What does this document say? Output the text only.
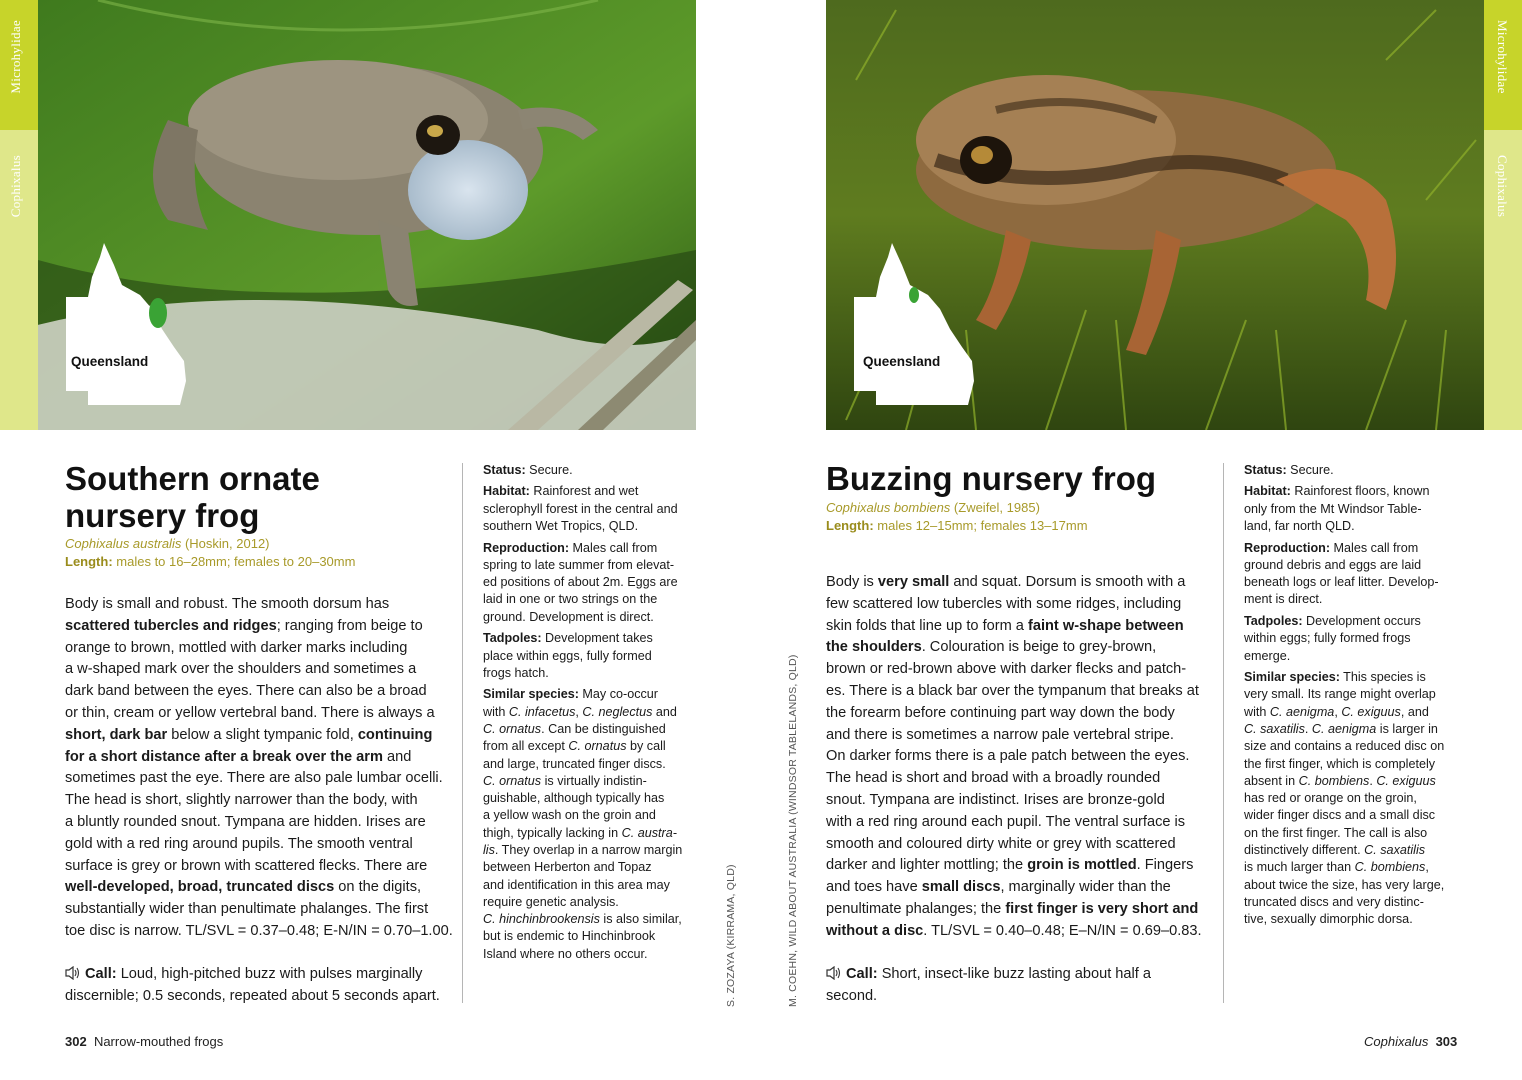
Microhylidae
Cophixalus
Microhylidae
Cophixalus
Queensland	Queensland
Southern ornate
nursery frog
Cophixalus australis (Hoskin, 2012)
Length: males to 16–28mm; females to 20–30mm
Body is small and robust. The smooth dorsum has
scattered tubercles and ridges; ranging from beige to
orange to brown, mottled with darker marks including
a w-shaped mark over the shoulders and sometimes a
dark band between the eyes. There can also be a broad
or thin, cream or yellow vertebral band. There is always a
short, dark bar below a slight tympanic fold, continuing
for a short distance after a break over the arm and
sometimes past the eye. There are also pale lumbar ocelli.
The head is short, slightly narrower than the body, with
a bluntly rounded snout. Tympana are hidden. Irises are
gold with a red ring around pupils. The smooth ventral
surface is grey or brown with scattered flecks. There are
well-developed, broad, truncated discs on the digits,
substantially wider than penultimate phalanges. The first
toe disc is narrow. TL/SVL = 0.37–0.48; E-N/IN = 0.70–1.00.
Call: Loud, high-pitched buzz with pulses marginally
discernible; 0.5 seconds, repeated about 5 seconds apart.

Status: Secure.

Habitat: Rainforest and wet
sclerophyll forest in the central and
southern Wet Tropics, QLD.

Reproduction: Males call from
spring to late summer from elevat-
ed positions of about 2m. Eggs are
laid in one or two strings on the
ground. Development is direct.

Tadpoles: Development takes
place within eggs, fully formed
frogs hatch.

Similar species: May co-occur
with C. infacetus, C. neglectus and
C. ornatus. Can be distinguished
from all except C. ornatus by call
and large, truncated finger discs.
C. ornatus is virtually indistin-
guishable, although typically has
a yellow wash on the groin and
thigh, typically lacking in C. austra-
lis. They overlap in a narrow margin
between Herberton and Topaz
and identification in this area may
require genetic analysis.
C. hinchinbrookensis is also similar,
but is endemic to Hinchinbrook
Island where no others occur.	S. ZOZAYA (KIRRAMA, QLD)
302 Narrow-mouthed frogs
M. COEHN, WILD ABOUT AUSTRALIA (WINDSOR TABLELANDS, QLD)
Buzzing nursery frog
Cophixalus bombiens (Zweifel, 1985)
Length: males 12–15mm; females 13–17mm
Body is very small and squat. Dorsum is smooth with a
few scattered low tubercles with some ridges, including
skin folds that line up to form a faint w-shape between
the shoulders. Colouration is beige to grey-brown,
brown or red-brown above with darker flecks and patch-
es. There is a black bar over the tympanum that breaks at
the forearm before continuing part way down the body
and there is sometimes a narrow pale vertebral stripe.
On darker forms there is a pale patch between the eyes.
The head is short and broad with a broadly rounded
snout. Tympana are indistinct. Irises are bronze-gold
with a red ring around each pupil. The ventral surface is
smooth and coloured dirty white or grey with scattered
darker and lighter mottling; the groin is mottled. Fingers
and toes have small discs, marginally wider than the
penultimate phalanges; the first finger is very short and
without a disc. TL/SVL = 0.40–0.48; E–N/IN = 0.69–0.83.
Call: Short, insect-like buzz lasting about half a
second.

Status: Secure.

Habitat: Rainforest floors, known
only from the Mt Windsor Table-
land, far north QLD.

Reproduction: Males call from
ground debris and eggs are laid
beneath logs or leaf litter. Develop-
ment is direct.

Tadpoles: Development occurs
within eggs; fully formed frogs
emerge.

Similar species: This species is
very small. Its range might overlap
with C. aenigma, C. exiguus, and
C. saxatilis. C. aenigma is larger in
size and contains a reduced disc on
the first finger, which is completely
absent in C. bombiens. C. exiguus
has red or orange on the groin,
wider finger discs and a small disc
on the first finger. The call is also
distinctively different. C. saxatilis
is much larger than C. bombiens,
about twice the size, has very large,
truncated discs and very distinc-
tive, sexually dimorphic dorsa.

Cophixalus 303
